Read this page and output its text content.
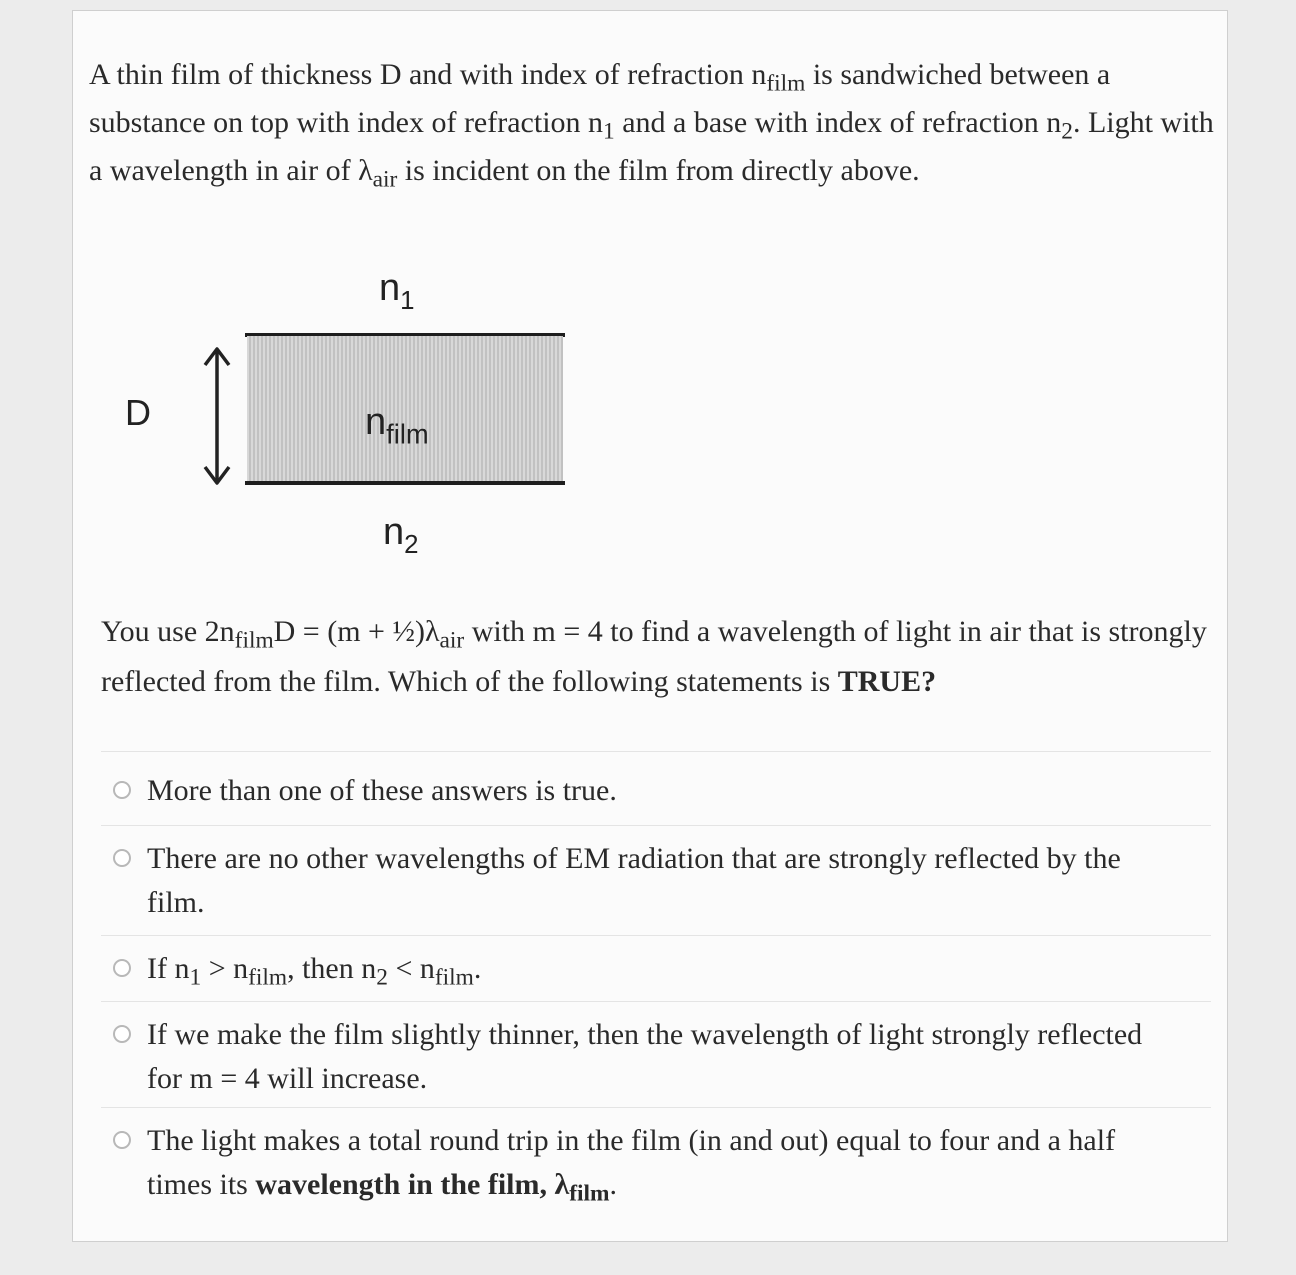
A thin film of thickness D and with index of refraction $n_{film}$ is sandwiched between a substance on top with index of refraction $n_1$ and a base with index of refraction $n_2$. Light with a wavelength in air of $\lambda_{air}$ is incident on the film from directly above.
$n_1$
$n_{film}$
$n_2$
D
You use $2n_{film}D = (m$ + $\frac{1}{2})\lambda_{air}$ with m = 4 to find a wavelength of light in air that is strongly reflected from the film. Which of the following statements is TRUE?
More than one of these answers is true.
There are no other wavelengths of EM radiation that are strongly reflected by the film.
If $n_1 > n_{film}$, then $n_2 < n_{film}$.
If we make the film slightly thinner, then the wavelength of light strongly reflected for m = 4 will increase.
The light makes a total round trip in the film (in and out) equal to four and a half times its wavelength in the film, $\lambda_{film}$.
